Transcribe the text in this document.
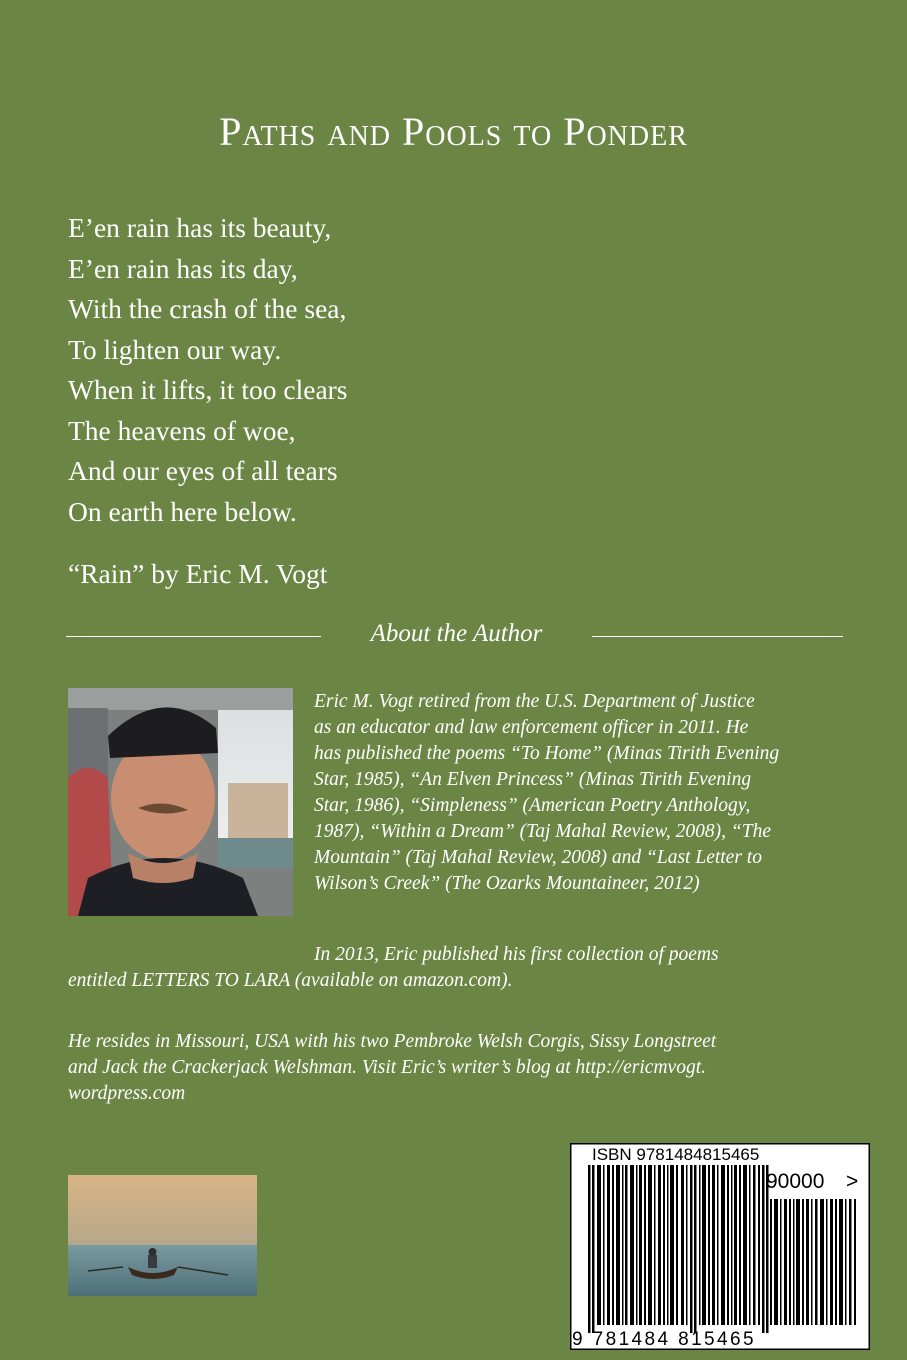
Paths and Pools to Ponder
E’en rain has its beauty,
E’en rain has its day,
With the crash of the sea,
To lighten our way.
When it lifts, it too clears
The heavens of woe,
And our eyes of all tears
On earth here below.
“Rain” by Eric M. Vogt
About the Author
Eric M. Vogt retired from the U.S. Department of Justice
as an educator and law enforcement officer in 2011. He
has published the poems “To Home” (Minas Tirith Evening
Star, 1985), “An Elven Princess” (Minas Tirith Evening
Star, 1986), “Simpleness” (American Poetry Anthology,
1987), “Within a Dream” (Taj Mahal Review, 2008), “The
Mountain” (Taj Mahal Review, 2008) and “Last Letter to
Wilson’s Creek” (The Ozarks Mountaineer, 2012)
In 2013, Eric published his first collection of poems
entitled LETTERS TO LARA (available on amazon.com).
He resides in Missouri, USA with his two Pembroke Welsh Corgis, Sissy Longstreet
and Jack the Crackerjack Welshman. Visit Eric’s writer’s blog at http://ericmvogt.
wordpress.com
ISBN 9781484815465
90000 >
9 781484 815465
